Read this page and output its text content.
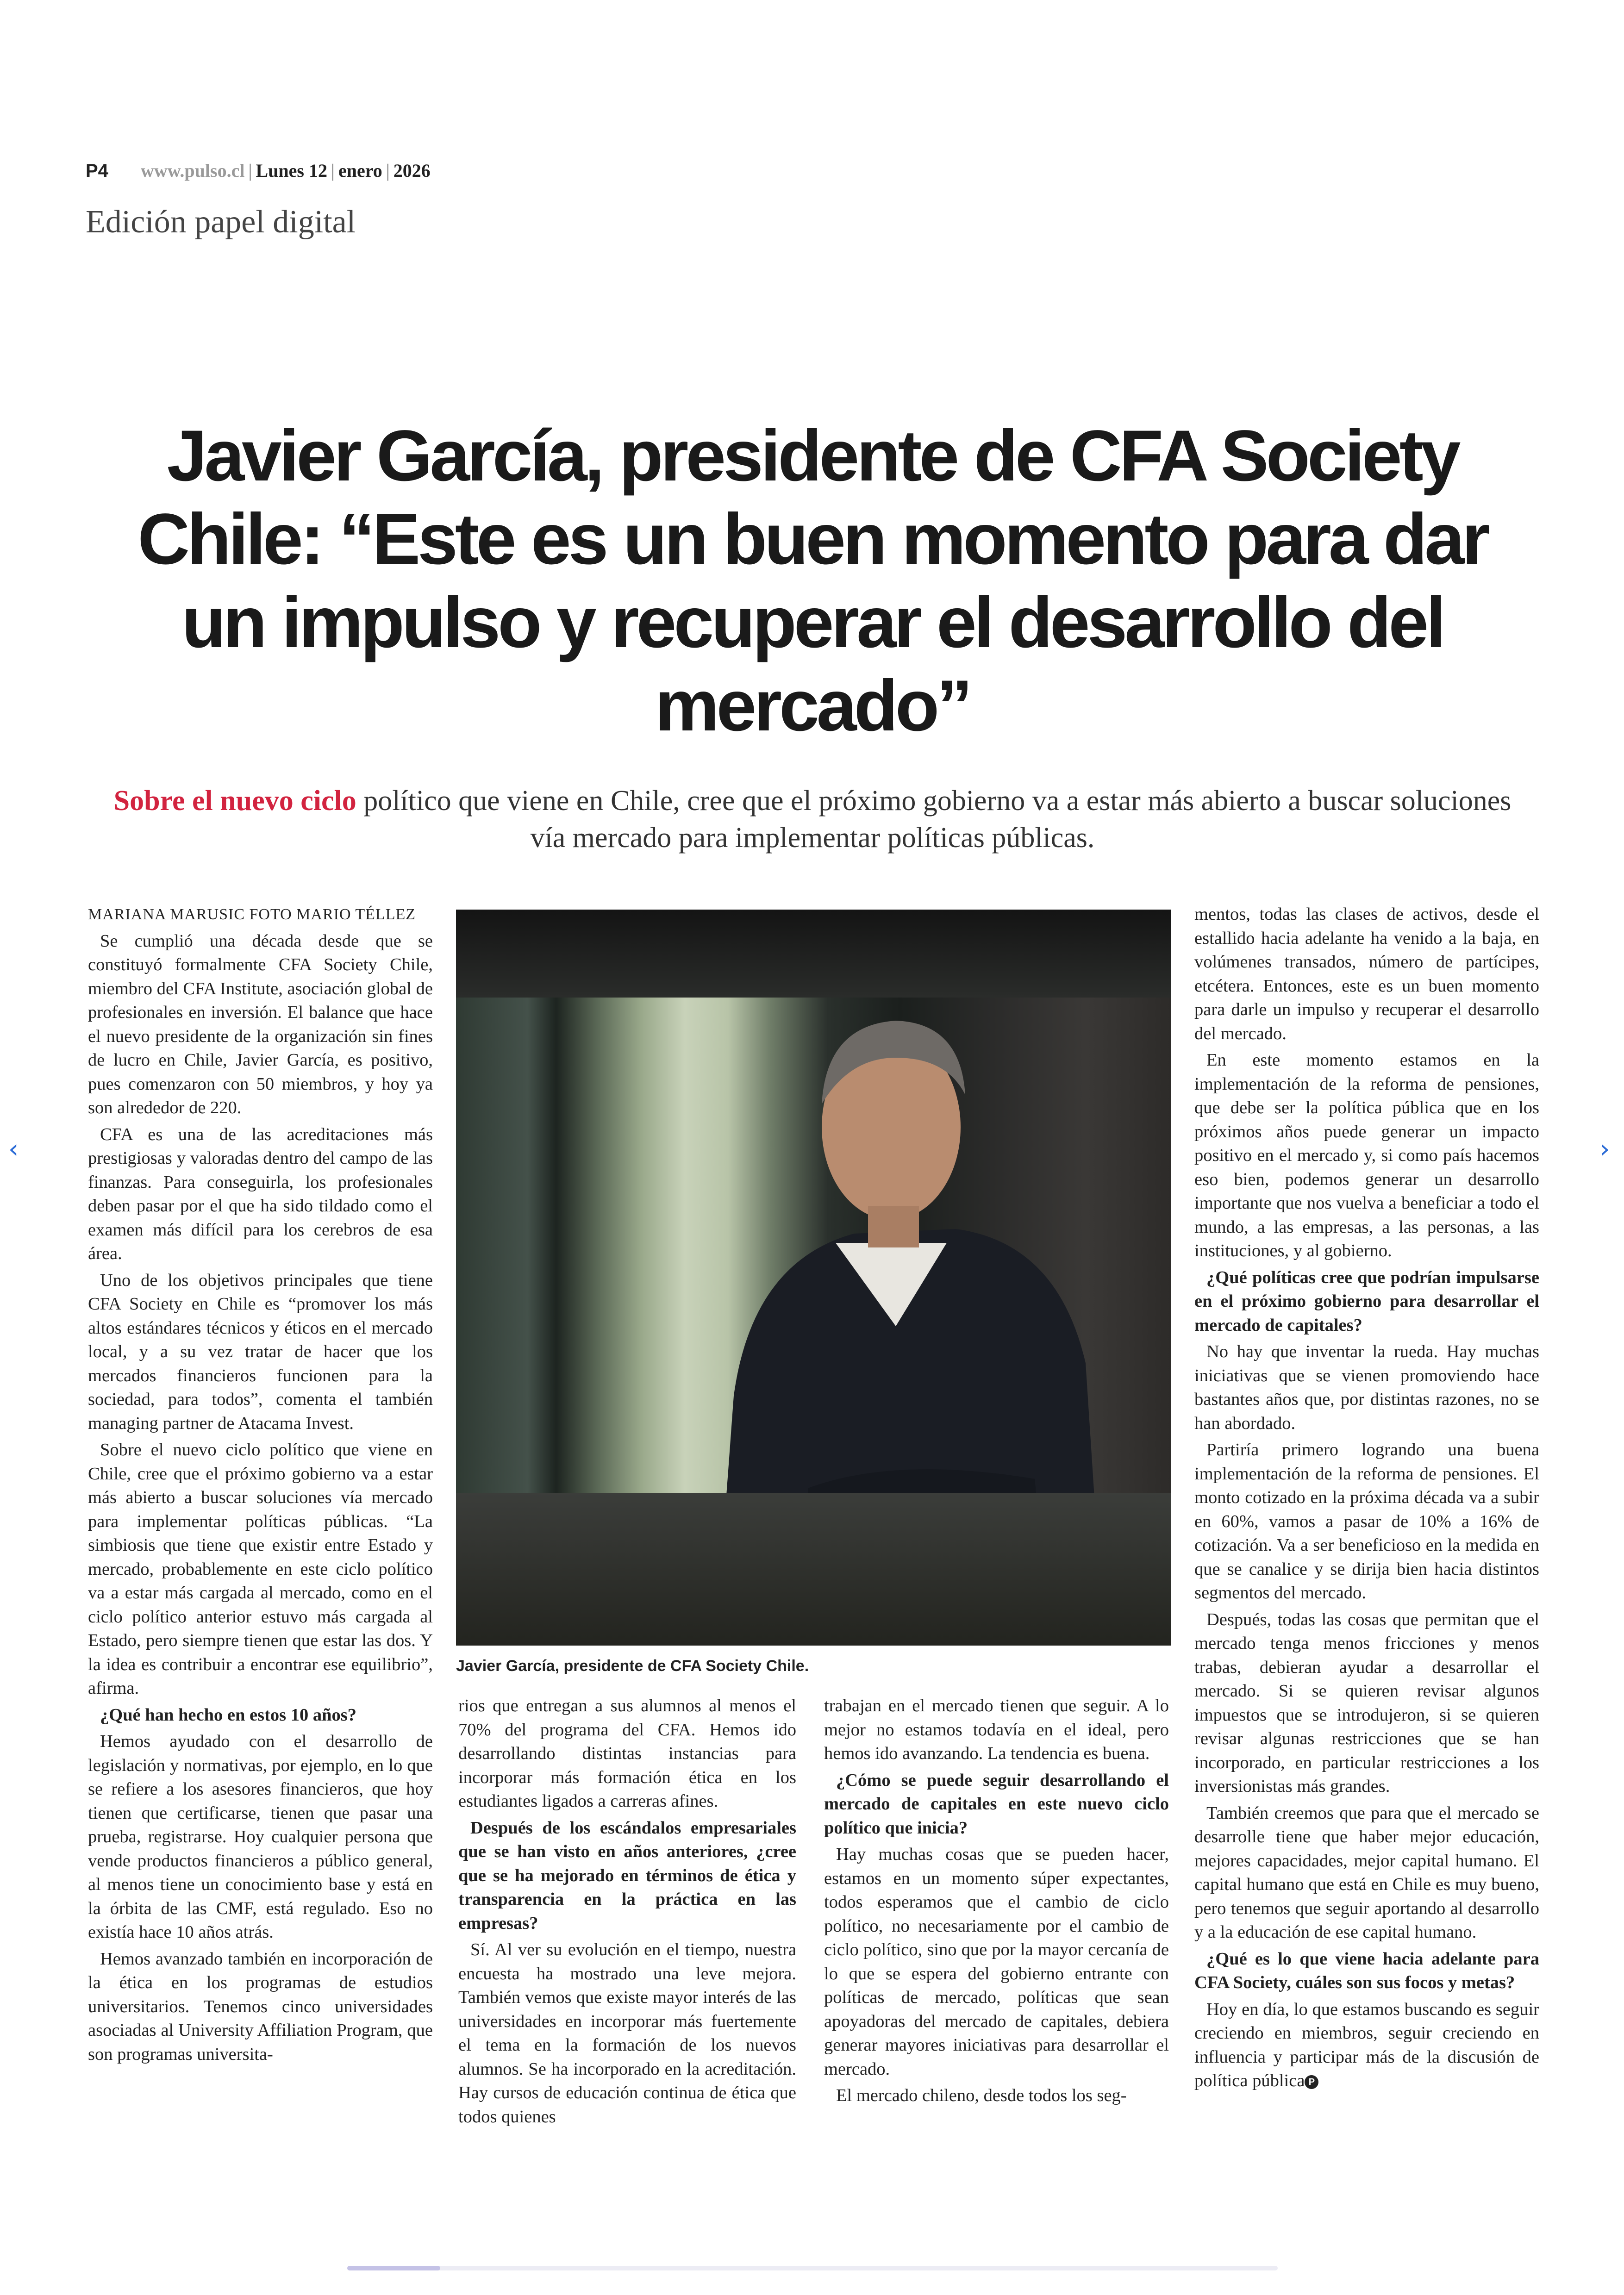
P4 www.pulso.cl | Lunes 12 | enero | 2026
Edición papel digital
Javier García, presidente de CFA Society Chile: “Este es un buen momento para dar un impulso y recuperar el desarrollo del mercado”
Sobre el nuevo ciclo político que viene en Chile, cree que el próximo gobierno va a estar más abierto a buscar soluciones vía mercado para implementar políticas públicas.

MARIANA MARUSIC FOTO MARIO TÉLLEZ

Se cumplió una década desde que se constituyó formalmente CFA Society Chile, miembro del CFA Institute, asociación global de profesionales en inversión. El balance que hace el nuevo presidente de la organización sin fines de lucro en Chile, Javier García, es positivo, pues comenzaron con 50 miembros, y hoy ya son alrededor de 220.

CFA es una de las acreditaciones más prestigiosas y valoradas dentro del campo de las finanzas. Para conseguirla, los profesionales deben pasar por el que ha sido tildado como el examen más difícil para los cerebros de esa área.

Uno de los objetivos principales que tiene CFA Society en Chile es “promover los más altos estándares técnicos y éticos en el mercado local, y a su vez tratar de hacer que los mercados financieros funcionen para la sociedad, para todos”, comenta el también managing partner de Atacama Invest.

Sobre el nuevo ciclo político que viene en Chile, cree que el próximo gobierno va a estar más abierto a buscar soluciones vía mercado para implementar políticas públicas. “La simbiosis que tiene que existir entre Estado y mercado, probablemente en este ciclo político va a estar más cargada al mercado, como en el ciclo político anterior estuvo más cargada al Estado, pero siempre tienen que estar las dos. Y la idea es contribuir a encontrar ese equilibrio”, afirma.

¿Qué han hecho en estos 10 años?

Hemos ayudado con el desarrollo de legislación y normativas, por ejemplo, en lo que se refiere a los asesores financieros, que hoy tienen que certificarse, tienen que pasar una prueba, registrarse. Hoy cualquier persona que vende productos financieros a público general, al menos tiene un conocimiento base y está en la órbita de las CMF, está regulado. Eso no existía hace 10 años atrás.

Hemos avanzado también en incorporación de la ética en los programas de estudios universitarios. Tenemos cinco universidades asociadas al University Affiliation Program, que son programas universita-

Javier García, presidente de CFA Society Chile.

rios que entregan a sus alumnos al menos el 70% del programa del CFA. Hemos ido desarrollando distintas instancias para incorporar más formación ética en los estudiantes ligados a carreras afines.

Después de los escándalos empresariales que se han visto en años anteriores, ¿cree que se ha mejorado en términos de ética y transparencia en la práctica en las empresas?

Sí. Al ver su evolución en el tiempo, nuestra encuesta ha mostrado una leve mejora. También vemos que existe mayor interés de las universidades en incorporar más fuertemente el tema en la formación de los nuevos alumnos. Se ha incorporado en la acreditación. Hay cursos de educación continua de ética que todos quienes

trabajan en el mercado tienen que seguir. A lo mejor no estamos todavía en el ideal, pero hemos ido avanzando. La tendencia es buena.

¿Cómo se puede seguir desarrollando el mercado de capitales en este nuevo ciclo político que inicia?

Hay muchas cosas que se pueden hacer, estamos en un momento súper expectantes, todos esperamos que el cambio de ciclo político, no necesariamente por el cambio de ciclo político, sino que por la mayor cercanía de lo que se espera del gobierno entrante con políticas de mercado, políticas que sean apoyadoras del mercado de capitales, debiera generar mayores iniciativas para desarrollar el mercado.

El mercado chileno, desde todos los seg-

mentos, todas las clases de activos, desde el estallido hacia adelante ha venido a la baja, en volúmenes transados, número de partícipes, etcétera. Entonces, este es un buen momento para darle un impulso y recuperar el desarrollo del mercado.

En este momento estamos en la implementación de la reforma de pensiones, que debe ser la política pública que en los próximos años puede generar un impacto positivo en el mercado y, si como país hacemos eso bien, podemos generar un desarrollo importante que nos vuelva a beneficiar a todo el mundo, a las empresas, a las personas, a las instituciones, y al gobierno.

¿Qué políticas cree que podrían impulsarse en el próximo gobierno para desarrollar el mercado de capitales?

No hay que inventar la rueda. Hay muchas iniciativas que se vienen promoviendo hace bastantes años que, por distintas razones, no se han abordado.

Partiría primero logrando una buena implementación de la reforma de pensiones. El monto cotizado en la próxima década va a subir en 60%, vamos a pasar de 10% a 16% de cotización. Va a ser beneficioso en la medida en que se canalice y se dirija bien hacia distintos segmentos del mercado.

Después, todas las cosas que permitan que el mercado tenga menos fricciones y menos trabas, debieran ayudar a desarrollar el mercado. Si se quieren revisar algunos impuestos que se introdujeron, si se quieren revisar algunas restricciones que se han incorporado, en particular restricciones a los inversionistas más grandes.

También creemos que para que el mercado se desarrolle tiene que haber mejor educación, mejores capacidades, mejor capital humano. El capital humano que está en Chile es muy bueno, pero tenemos que seguir aportando al desarrollo y a la educación de ese capital humano.

¿Qué es lo que viene hacia adelante para CFA Society, cuáles son sus focos y metas?

Hoy en día, lo que estamos buscando es seguir creciendo en miembros, seguir creciendo en influencia y participar más de la discusión de política pública P

‹	›
